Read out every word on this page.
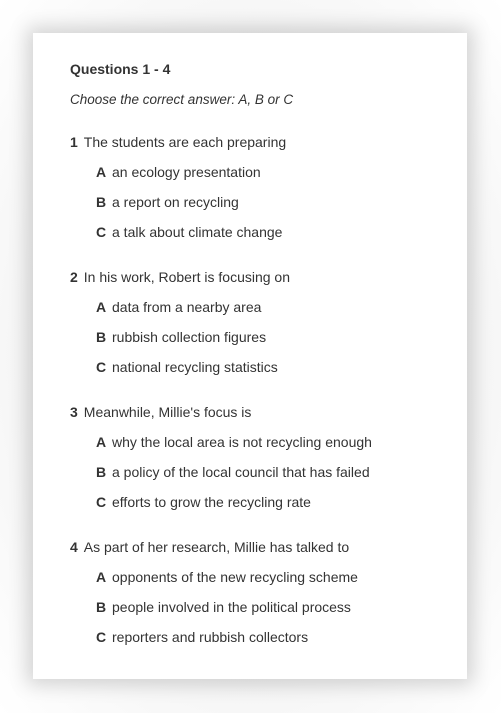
Questions 1 - 4
Choose the correct answer: A, B or C
1 The students are each preparing
A an ecology presentation
B a report on recycling
C a talk about climate change
2 In his work, Robert is focusing on
A data from a nearby area
B rubbish collection figures
C national recycling statistics
3 Meanwhile, Millie's focus is
A why the local area is not recycling enough
B a policy of the local council that has failed
C efforts to grow the recycling rate
4 As part of her research, Millie has talked to
A opponents of the new recycling scheme
B people involved in the political process
C reporters and rubbish collectors
